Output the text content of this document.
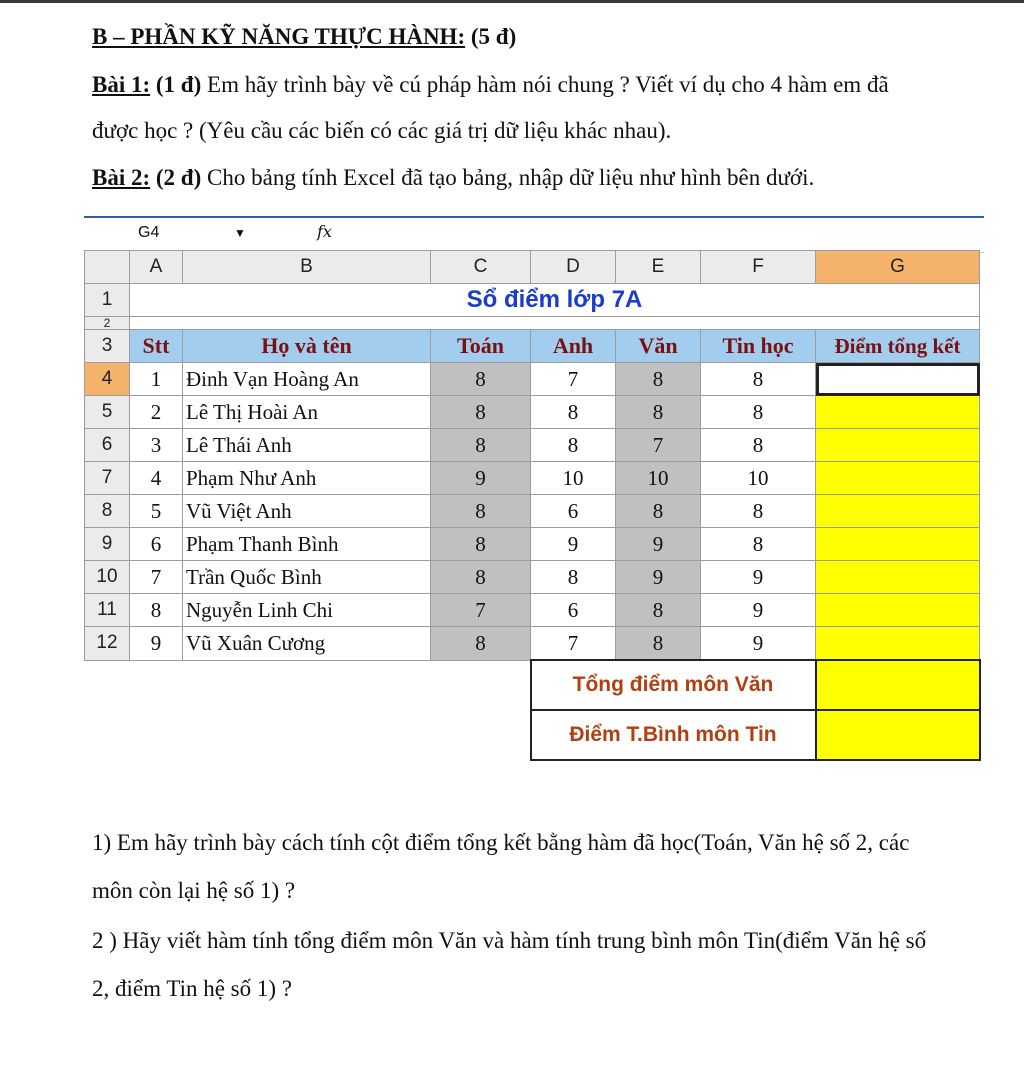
B – PHẦN KỸ NĂNG THỰC HÀNH: (5 đ)
Bài 1: (1 đ) Em hãy trình bày về cú pháp hàm nói chung ? Viết ví dụ cho 4 hàm em đã
được học ? (Yêu cầu các biến có các giá trị dữ liệu khác nhau).
Bài 2: (2 đ) Cho bảng tính Excel đã tạo bảng, nhập dữ liệu như hình bên dưới.
G4	▼	fx
	A	B	C	D	E	F	G
1	Sổ điểm lớp 7A						
2							
3	Stt	Họ và tên	Toán	Anh	Văn	Tin học	Điểm tổng kết
4	1	Đinh Vạn Hoàng An	8	7	8	8	
5	2	Lê Thị Hoài An	8	8	8	8	
6	3	Lê Thái Anh	8	8	7	8	
7	4	Phạm Như Anh	9	10	10	10	
8	5	Vũ Việt Anh	8	6	8	8	
9	6	Phạm Thanh Bình	8	9	9	8	
10	7	Trần Quốc Bình	8	8	9	9	
11	8	Nguyễn Linh Chi	7	6	8	9	
12	9	Vũ Xuân Cương	8	7	8	9	
				Tổng điểm môn Văn			
				Điểm T.Bình môn Tin			
1) Em hãy trình bày cách tính cột điểm tổng kết bằng hàm đã học(Toán, Văn hệ số 2, các
môn còn lại hệ số 1) ?
2 ) Hãy viết hàm tính tổng điểm môn Văn và hàm tính trung bình môn Tin(điểm Văn hệ số
2, điểm Tin hệ số 1) ?
